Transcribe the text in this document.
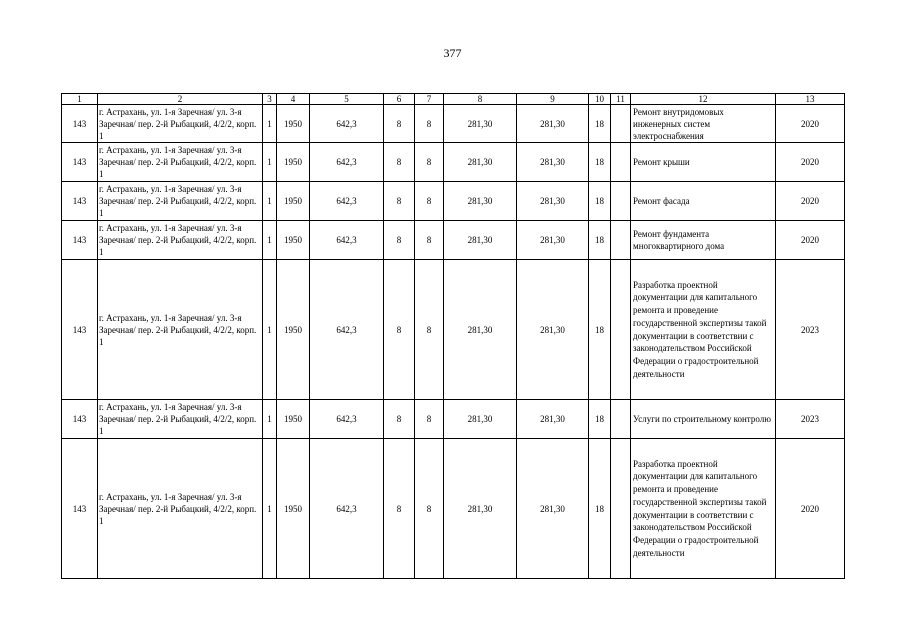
377
1	2	3	4	5	6	7	8	9	10	11	12	13
143	г. Астрахань, ул. 1-я Заречная/ ул. 3-я Заречная/ пер. 2-й Рыбацкий, 4/2/2, корп. 1	1	1950	642,3	8	8	281,30	281,30	18		Ремонт внутридомовых инженерных систем электроснабжения	2020
143	г. Астрахань, ул. 1-я Заречная/ ул. 3-я Заречная/ пер. 2-й Рыбацкий, 4/2/2, корп. 1	1	1950	642,3	8	8	281,30	281,30	18		Ремонт крыши	2020
143	г. Астрахань, ул. 1-я Заречная/ ул. 3-я Заречная/ пер. 2-й Рыбацкий, 4/2/2, корп. 1	1	1950	642,3	8	8	281,30	281,30	18		Ремонт фасада	2020
143	г. Астрахань, ул. 1-я Заречная/ ул. 3-я Заречная/ пер. 2-й Рыбацкий, 4/2/2, корп. 1	1	1950	642,3	8	8	281,30	281,30	18		Ремонт фундамента многоквартирного дома	2020
143	г. Астрахань, ул. 1-я Заречная/ ул. 3-я Заречная/ пер. 2-й Рыбацкий, 4/2/2, корп. 1	1	1950	642,3	8	8	281,30	281,30	18		Разработка проектной документации для капитального ремонта и проведение государственной экспертизы такой документации в соответствии с законодательством Российской Федерации о градостроительной деятельности	2023
143	г. Астрахань, ул. 1-я Заречная/ ул. 3-я Заречная/ пер. 2-й Рыбацкий, 4/2/2, корп. 1	1	1950	642,3	8	8	281,30	281,30	18		Услуги по строительному контролю	2023
143	г. Астрахань, ул. 1-я Заречная/ ул. 3-я Заречная/ пер. 2-й Рыбацкий, 4/2/2, корп. 1	1	1950	642,3	8	8	281,30	281,30	18		Разработка проектной документации для капитального ремонта и проведение государственной экспертизы такой документации в соответствии с законодательством Российской Федерации о градостроительной деятельности	2020
